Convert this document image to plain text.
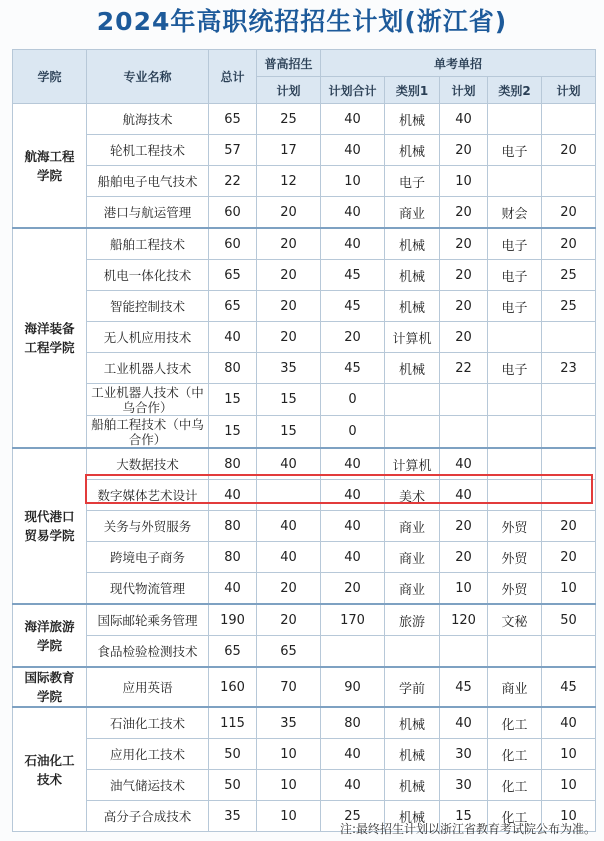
2024年高职统招招生计划(浙江省)
学院	专业名称	总计	普高招生	单考单招				
			计划	计划合计	类别1	计划	类别2	计划
航海工程学院	航海技术	65	25	40	机械	40		
	轮机工程技术	57	17	40	机械	20	电子	20
	船舶电子电气技术	22	12	10	电子	10		
	港口与航运管理	60	20	40	商业	20	财会	20
海洋装备工程学院	船舶工程技术	60	20	40	机械	20	电子	20
	机电一体化技术	65	20	45	机械	20	电子	25
	智能控制技术	65	20	45	机械	20	电子	25
	无人机应用技术	40	20	20	计算机	20		
	工业机器人技术	80	35	45	机械	22	电子	23
	工业机器人技术（中乌合作）	15	15	0				
	船舶工程技术（中乌合作）	15	15	0				
现代港口贸易学院	大数据技术	80	40	40	计算机	40		
	数字媒体艺术设计	40		40	美术	40		
	关务与外贸服务	80	40	40	商业	20	外贸	20
	跨境电子商务	80	40	40	商业	20	外贸	20
	现代物流管理	40	20	20	商业	10	外贸	10
海洋旅游学院	国际邮轮乘务管理	190	20	170	旅游	120	文秘	50
	食品检验检测技术	65	65					
国际教育学院	应用英语	160	70	90	学前	45	商业	45
石油化工技术	石油化工技术	115	35	80	机械	40	化工	40
	应用化工技术	50	10	40	机械	30	化工	10
	油气储运技术	50	10	40	机械	30	化工	10
	高分子合成技术	35	10	25	机械	15	化工	10
注:最终招生计划以浙江省教育考试院公布为准。
